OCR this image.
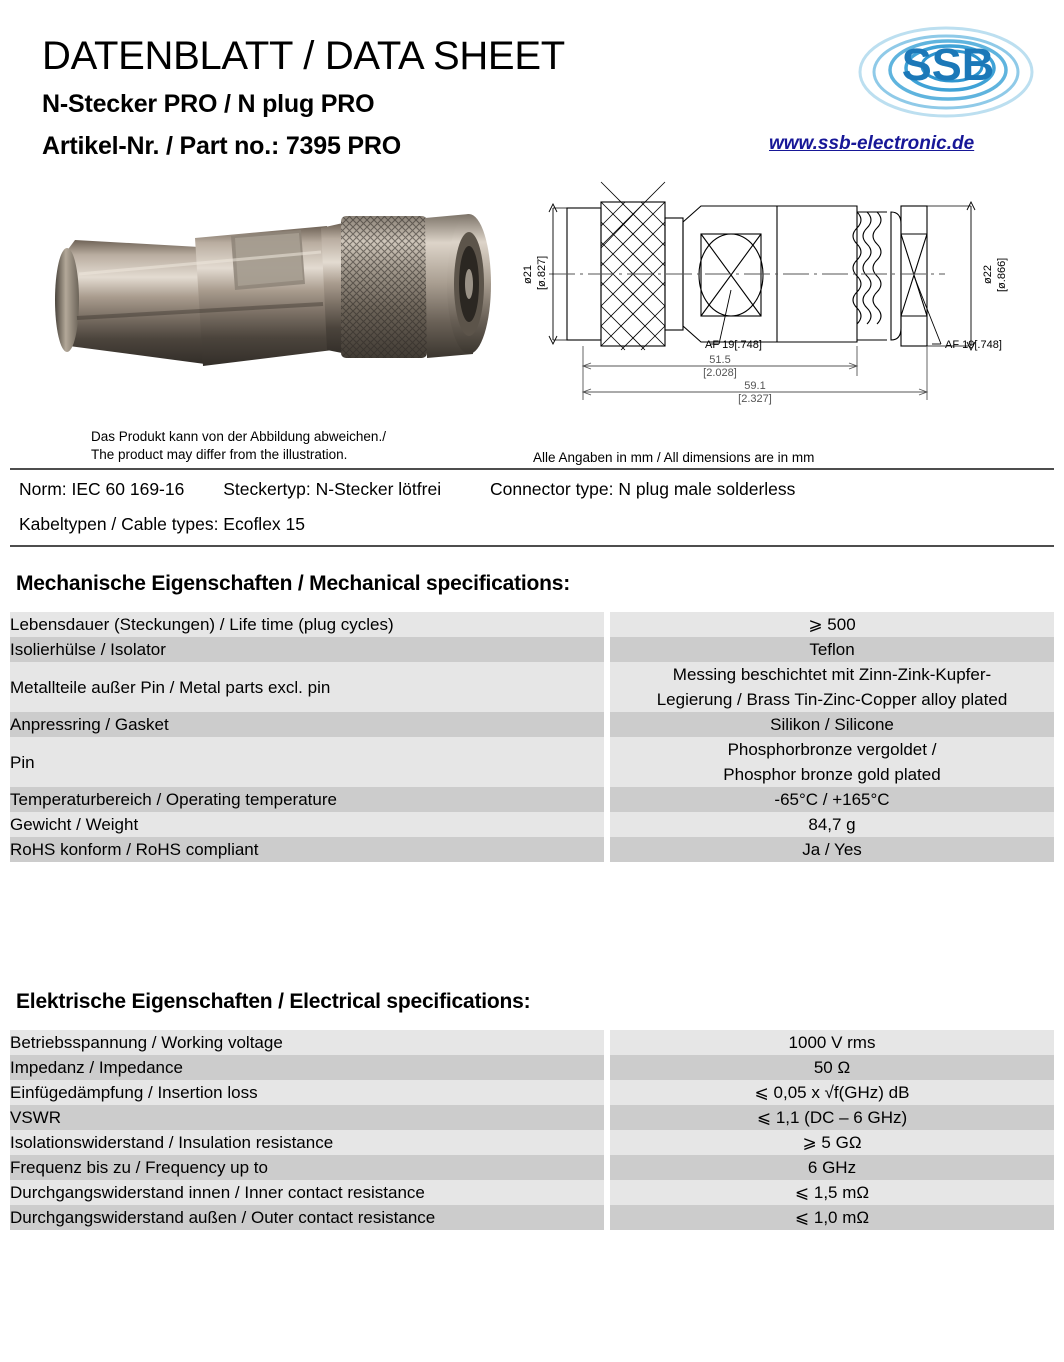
DATENBLATT / DATA SHEET
N-Stecker PRO / N plug PRO
Artikel-Nr. / Part no.: 7395 PRO
SSB
www.ssb-electronic.de
Das Produkt kann von der Abbildung abweichen./
The product may differ from the illustration.
ø21 [ø.827]	ø22 [ø.866]
AF 19[.748]	AF 19[.748]
51.5
[2.028]
59.1
[2.327]
Alle Angaben in mm / All dimensions are in mm
Norm: IEC 60 169-16 Steckertyp: N-Stecker lötfrei	Connector type: N plug male solderless
Kabeltypen / Cable types: Ecoflex 15
Mechanische Eigenschaften / Mechanical specifications:
Lebensdauer (Steckungen) / Life time (plug cycles)		⩾ 500
Isolierhülse / Isolator		Teflon
Metallteile außer Pin / Metal parts excl. pin		Messing beschichtet mit Zinn-Zink-Kupfer-
Legierung / Brass Tin-Zinc-Copper alloy plated

Anpressring / Gasket		Silikon / Silicone
Pin		Phosphorbronze vergoldet /
Phosphor bronze gold plated

Temperaturbereich / Operating temperature		-65°C / +165°C
Gewicht / Weight		84,7 g
RoHS konform / RoHS compliant		Ja / Yes
Elektrische Eigenschaften / Electrical specifications:
Betriebsspannung / Working voltage		1000 V rms
Impedanz / Impedance		50 Ω
Einfügedämpfung / Insertion loss		⩽ 0,05 x √f(GHz) dB
VSWR		⩽ 1,1 (DC – 6 GHz)
Isolationswiderstand / Insulation resistance		⩾ 5 GΩ
Frequenz bis zu / Frequency up to		6 GHz
Durchgangswiderstand innen / Inner contact resistance		⩽ 1,5 mΩ
Durchgangswiderstand außen / Outer contact resistance		⩽ 1,0 mΩ
